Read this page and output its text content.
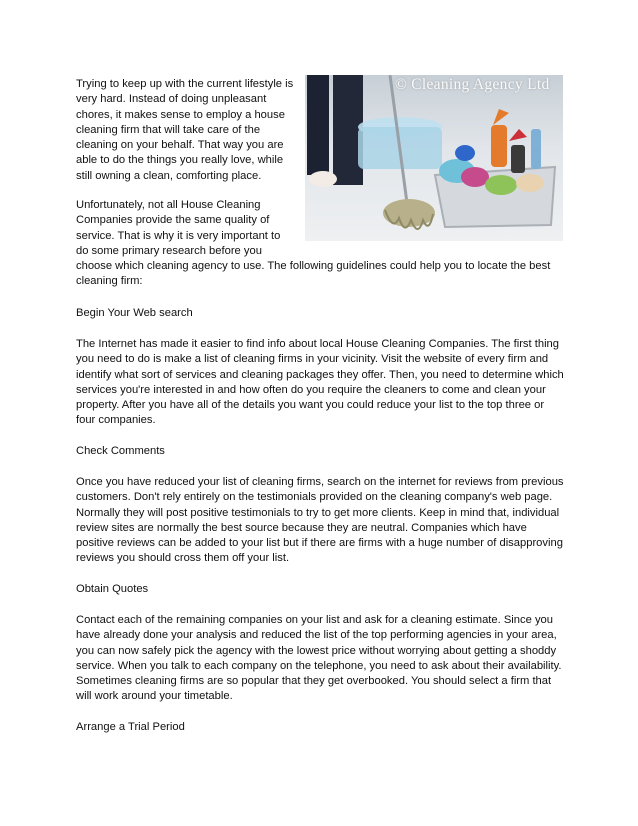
© Cleaning Agency Ltd

Trying to keep up with the current lifestyle is very hard. Instead of doing unpleasant chores, it makes sense to employ a house cleaning firm that will take care of the cleaning on your behalf. That way you are able to do the things you really love, while still owning a clean, comforting place.

Unfortunately, not all House Cleaning
Companies provide the same quality of
service. That is why it is very important to
do some primary research before you

choose which cleaning agency to use. The following guidelines could help you to locate the best cleaning firm:

Begin Your Web search

The Internet has made it easier to find info about local House Cleaning Companies. The first thing you need to do is make a list of cleaning firms in your vicinity. Visit the website of every firm and identify what sort of services and cleaning packages they offer. Then, you need to determine which services you're interested in and how often do you require the cleaners to come and clean your property. After you have all of the details you want you could reduce your list to the top three or four companies.

Check Comments

Once you have reduced your list of cleaning firms, search on the internet for reviews from previous customers. Don't rely entirely on the testimonials provided on the cleaning company's web page. Normally they will post positive testimonials to try to get more clients. Keep in mind that, individual review sites are normally the best source because they are neutral. Companies which have positive reviews can be added to your list but if there are firms with a huge number of disapproving reviews you should cross them off your list.

Obtain Quotes

Contact each of the remaining companies on your list and ask for a cleaning estimate. Since you have already done your analysis and reduced the list of the top performing agencies in your area, you can now safely pick the agency with the lowest price without worrying about getting a shoddy service. When you talk to each company on the telephone, you need to ask about their availability. Sometimes cleaning firms are so popular that they get overbooked. You should select a firm that will work around your timetable.

Arrange a Trial Period
